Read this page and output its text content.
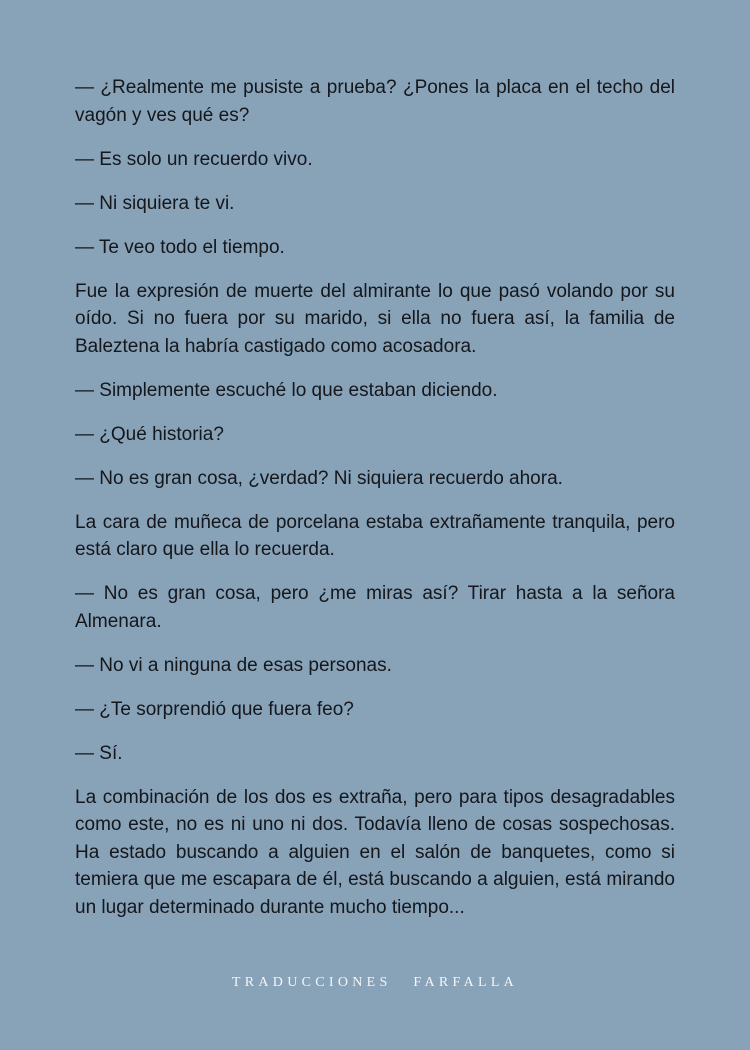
— ¿Realmente me pusiste a prueba? ¿Pones la placa en el techo del vagón y ves qué es?

— Es solo un recuerdo vivo.

— Ni siquiera te vi.

— Te veo todo el tiempo.

Fue la expresión de muerte del almirante lo que pasó volando por su oído. Si no fuera por su marido, si ella no fuera así, la familia de Baleztena la habría castigado como acosadora.

— Simplemente escuché lo que estaban diciendo.

— ¿Qué historia?

— No es gran cosa, ¿verdad? Ni siquiera recuerdo ahora.

La cara de muñeca de porcelana estaba extrañamente tranquila, pero está claro que ella lo recuerda.

— No es gran cosa, pero ¿me miras así? Tirar hasta a la señora Almenara.

— No vi a ninguna de esas personas.

— ¿Te sorprendió que fuera feo?

— Sí.

La combinación de los dos es extraña, pero para tipos desagradables como este, no es ni uno ni dos. Todavía lleno de cosas sospechosas. Ha estado buscando a alguien en el salón de banquetes, como si temiera que me escapara de él, está buscando a alguien, está mirando un lugar determinado durante mucho tiempo...

TRADUCCIONES FARFALLA
